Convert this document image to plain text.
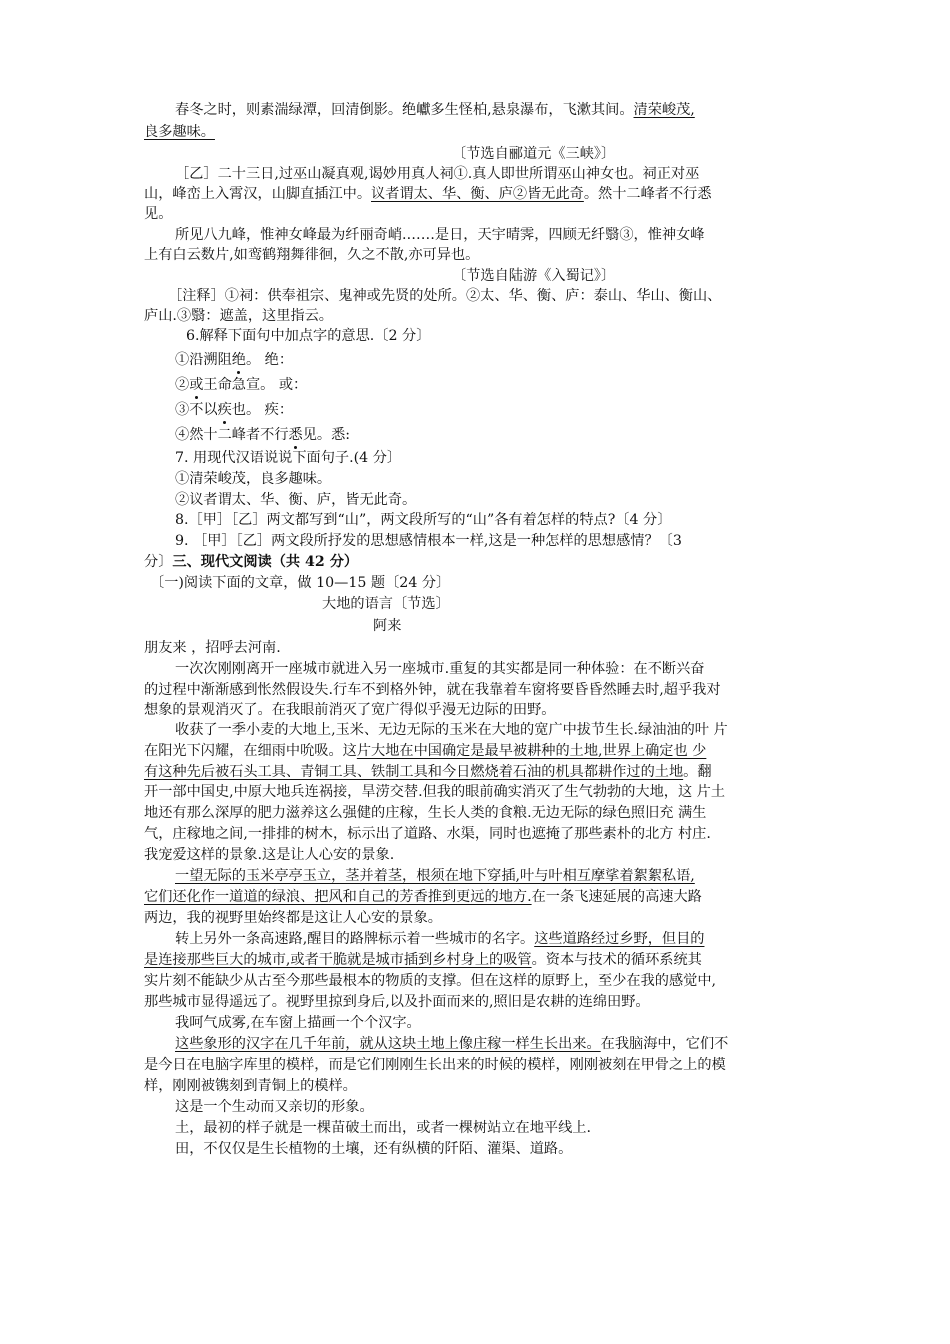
春冬之时，则素湍绿潭，回清倒影。绝巘多生怪柏,悬泉瀑布，飞漱其间。清荣峻茂,
良多趣味。
〔节选自郦道元《三峡》〕
［乙］二十三日,过巫山凝真观,谒妙用真人祠①.真人即世所谓巫山神女也。祠正对巫
山，峰峦上入霄汉，山脚直插江中。议者谓太、华、衡、庐②皆无此奇。然十二峰者不行悉
见。
所见八九峰，惟神女峰最为纤丽奇峭.……是日，天宇晴霁，四顾无纤翳③，惟神女峰
上有白云数片,如鸾鹤翔舞徘徊，久之不散,亦可异也。
〔节选自陆游《入蜀记》〕
［注释］①祠：供奉祖宗、鬼神或先贤的处所。②太、华、衡、庐：泰山、华山、衡山、
庐山.③翳：遮盖，这里指云。
6.解释下面句中加点字的意思.〔2 分〕
①沿溯阻绝。 绝：
②或王命急宣。 或：
③不以疾也。 疾：
④然十二峰者不行悉见。悉:
7. 用现代汉语说说下面句子.(4 分〕
①清荣峻茂，良多趣味。
②议者谓太、华、衡、庐，皆无此奇。
8.［甲］［乙］两文都写到“山”，两文段所写的“山”各有着怎样的特点?〔4 分〕
9. ［甲］［乙］两文段所抒发的思想感情根本一样,这是一种怎样的思想感情？〔3
分〕三、现代文阅读（共 42 分）
〔一)阅读下面的文章，做 10—15 题〔24 分〕
大地的语言〔节选〕
阿来
朋友来 ，招呼去河南.
一次次刚刚离开一座城市就进入另一座城市.重复的其实都是同一种体验：在不断兴奋
的过程中渐渐感到怅然假设失.行车不到格外钟，就在我靠着车窗将要昏昏然睡去时,超乎我对
想象的景观消灭了。在我眼前消灭了宽广得似乎漫无边际的田野。
收获了一季小麦的大地上,玉米、无边无际的玉米在大地的宽广中拔节生长.绿油油的叶 片
在阳光下闪耀，在细雨中吮吸。这片大地在中国确定是最早被耕种的土地,世界上确定也 少
有这种先后被石头工具、青铜工具、铁制工具和今日燃烧着石油的机具都耕作过的土地。翻
开一部中国史,中原大地兵连祸接，旱涝交替.但我的眼前确实消灭了生气勃勃的大地，这 片土
地还有那么深厚的肥力滋养这么强健的庄稼，生长人类的食粮.无边无际的绿色照旧充 满生
气，庄稼地之间,一排排的树木，标示出了道路、水渠，同时也遮掩了那些素朴的北方 村庄.
我宠爱这样的景象.这是让人心安的景象.
一望无际的玉米亭亭玉立，茎并着茎，根须在地下穿插,叶与叶相互摩挲着絮絮私语,
它们还化作一道道的绿浪、把风和自己的芳香推到更远的地方.在一条飞速延展的高速大路
两边，我的视野里始终都是这让人心安的景象。
转上另外一条高速路,醒目的路牌标示着一些城市的名字。这些道路经过乡野，但目的
是连接那些巨大的城市,或者干脆就是城市插到乡村身上的吸管。资本与技术的循环系统其
实片刻不能缺少从古至今那些最根本的物质的支撑。但在这样的原野上，至少在我的感觉中,
那些城市显得遥远了。视野里掠到身后,以及扑面而来的,照旧是农耕的连绵田野。
我呵气成雾,在车窗上描画一个个汉字。
这些象形的汉字在几千年前，就从这块土地上像庄稼一样生长出来。在我脑海中，它们不
是今日在电脑字库里的模样，而是它们刚刚生长出来的时候的模样，刚刚被刻在甲骨之上的模
样，刚刚被镌刻到青铜上的模样。
这是一个生动而又亲切的形象。
土，最初的样子就是一棵苗破土而出，或者一棵树站立在地平线上.
田，不仅仅是生长植物的土壤，还有纵横的阡陌、灌渠、道路。
